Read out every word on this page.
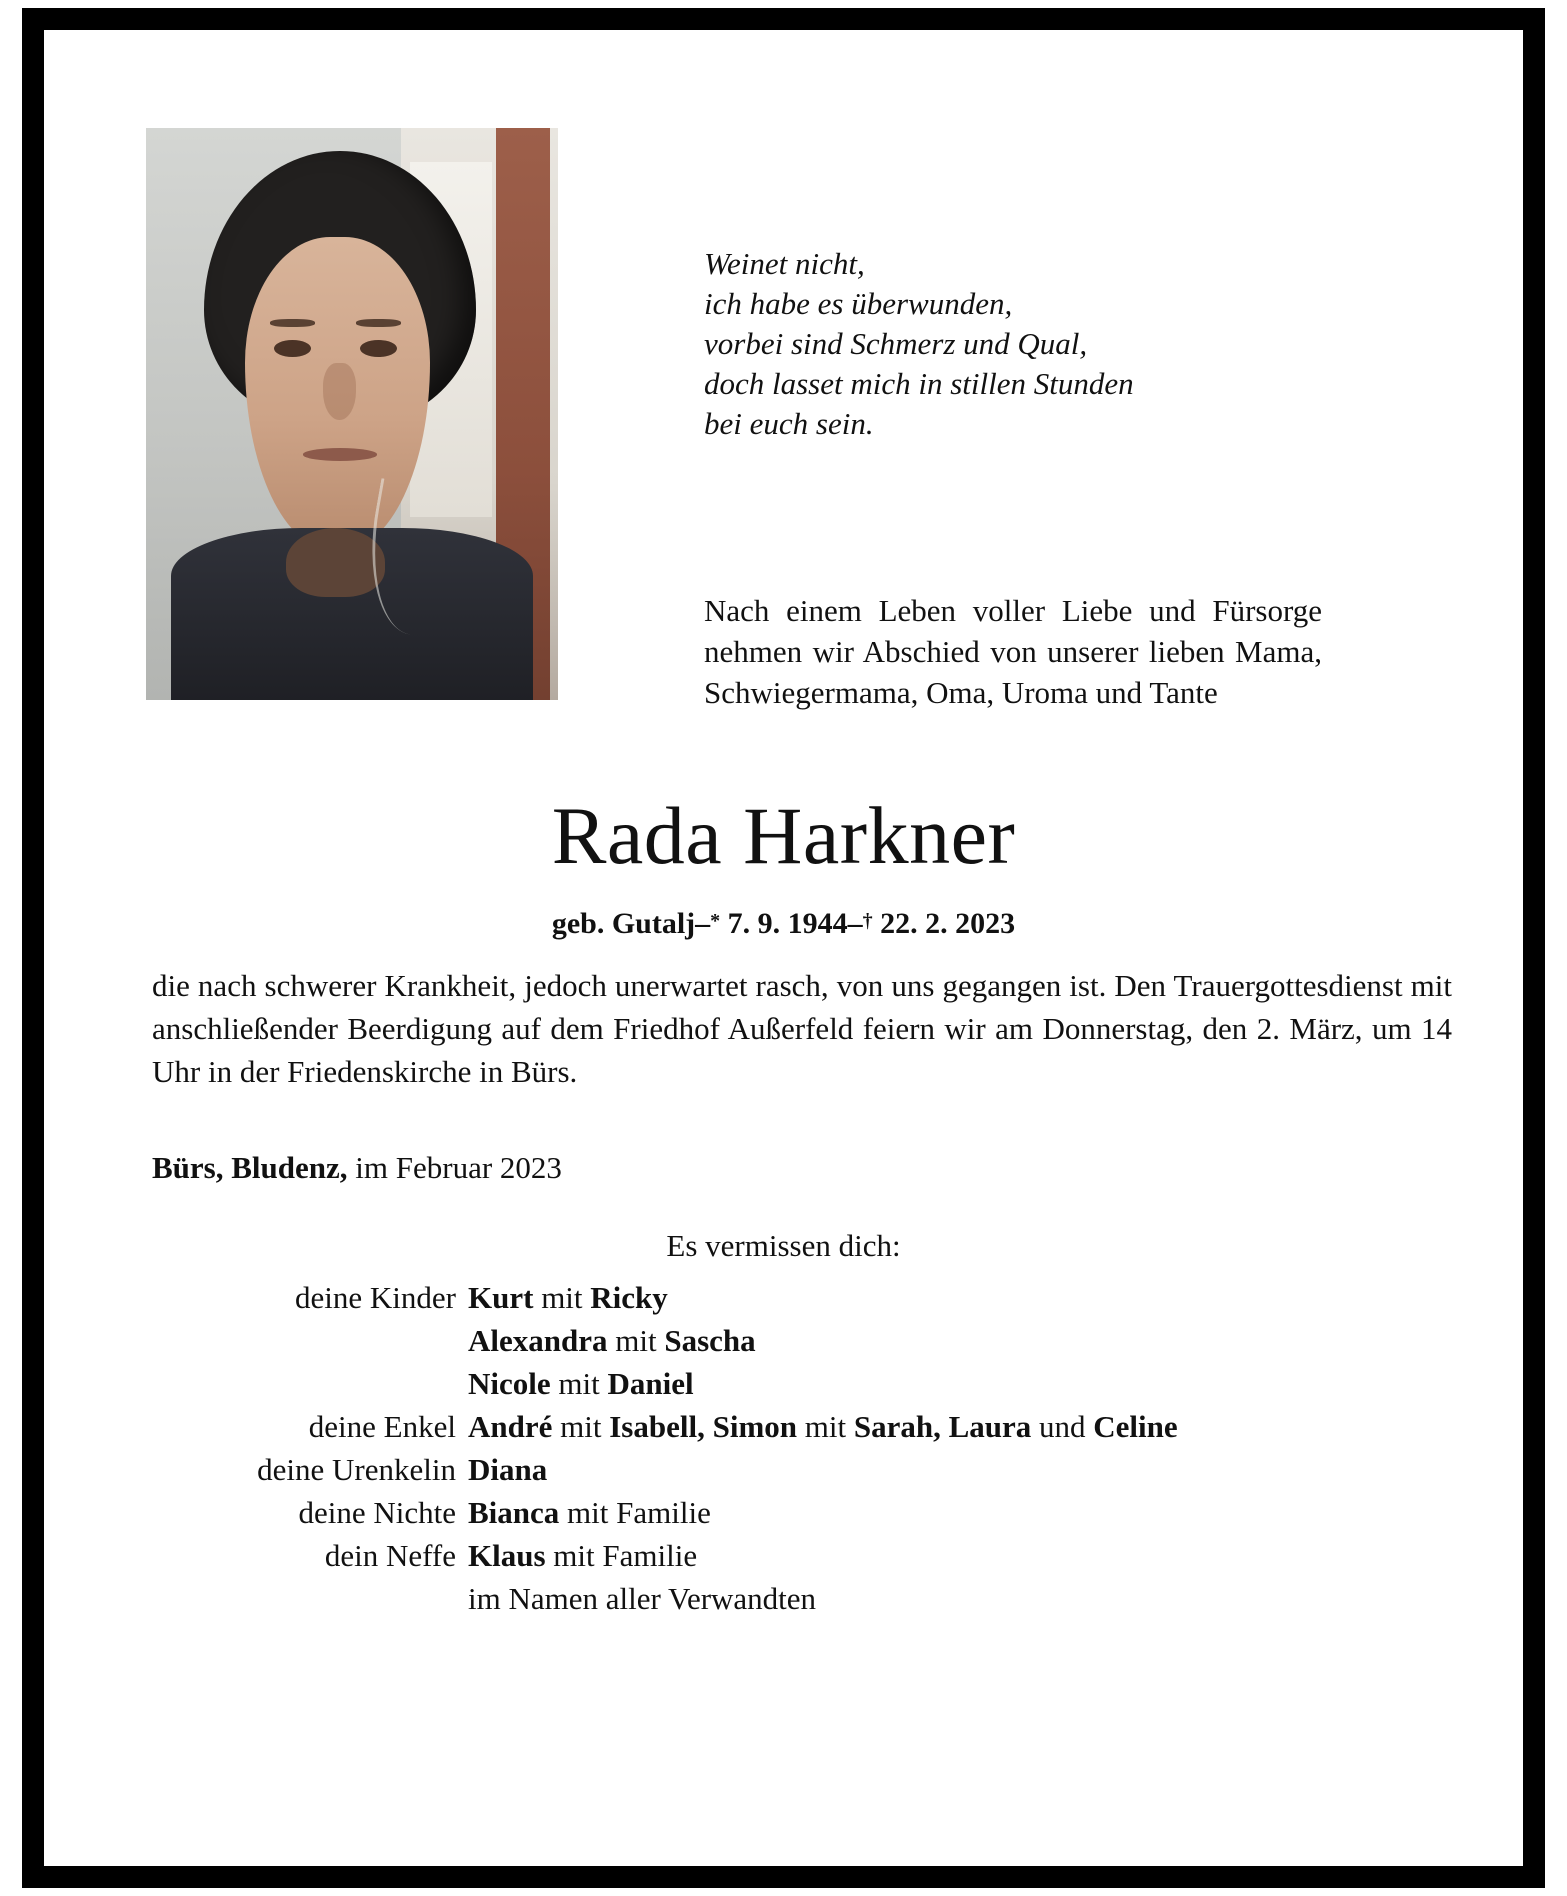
Weinet nicht,
ich habe es überwunden,
vorbei sind Schmerz und Qual,
doch lasset mich in stillen Stunden
bei euch sein.
Nach einem Leben voller Liebe und Fürsorge nehmen wir Abschied von unserer lieben Mama, Schwiegermama, Oma, Uroma und Tante
Rada Harkner
geb. Gutalj–* 7. 9. 1944–† 22. 2. 2023
die nach schwerer Krankheit, jedoch unerwartet rasch, von uns gegangen ist. Den Trauergottesdienst mit anschließender Beerdigung auf dem Friedhof Außerfeld feiern wir am Donnerstag, den 2. März, um 14 Uhr in der Friedenskirche in Bürs.
Bürs, Bludenz, im Februar 2023
Es vermissen dich:
deine Kinder Kurt mit Ricky
Alexandra mit Sascha
Nicole mit Daniel
deine Enkel André mit Isabell, Simon mit Sarah, Laura und Celine
deine Urenkelin Diana
deine Nichte Bianca mit Familie
dein Neffe Klaus mit Familie
im Namen aller Verwandten
